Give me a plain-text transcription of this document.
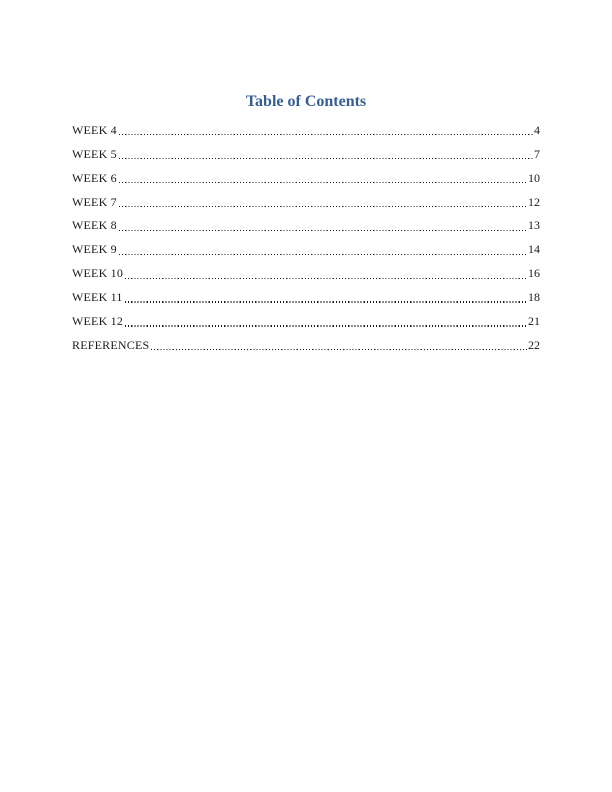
Table of Contents
WEEK 4	4
WEEK 5	7
WEEK 6	10
WEEK 7	12
WEEK 8	13
WEEK 9	14
WEEK 10	16
WEEK 11	18
WEEK 12	21
REFERENCES	22
